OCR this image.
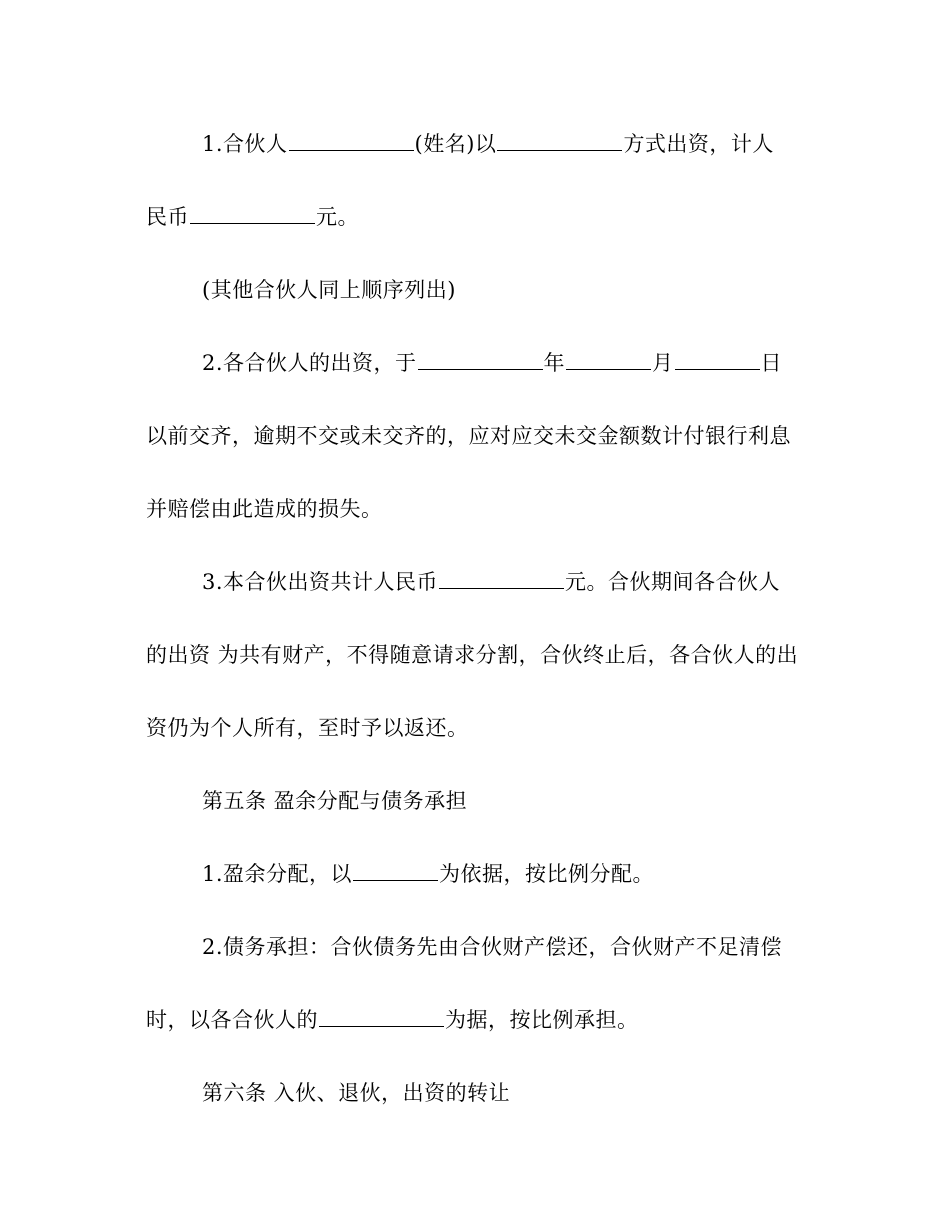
1.合伙人	(姓名)以	方式出资，计人
民币	元。
(其他合伙人同上顺序列出)
2.各合伙人的出资，于	年	月	日
以前交齐，逾期不交或未交齐的，应对应交未交金额数计付银行利息
并赔偿由此造成的损失。
3.本合伙出资共计人民币	元。合伙期间各合伙人
的出资 为共有财产，不得随意请求分割，合伙终止后，各合伙人的出
资仍为个人所有，至时予以返还。
第五条 盈余分配与债务承担
1.盈余分配，以	为依据，按比例分配。
2.债务承担：合伙债务先由合伙财产偿还，合伙财产不足清偿
时，以各合伙人的	为据，按比例承担。
第六条 入伙、退伙，出资的转让
